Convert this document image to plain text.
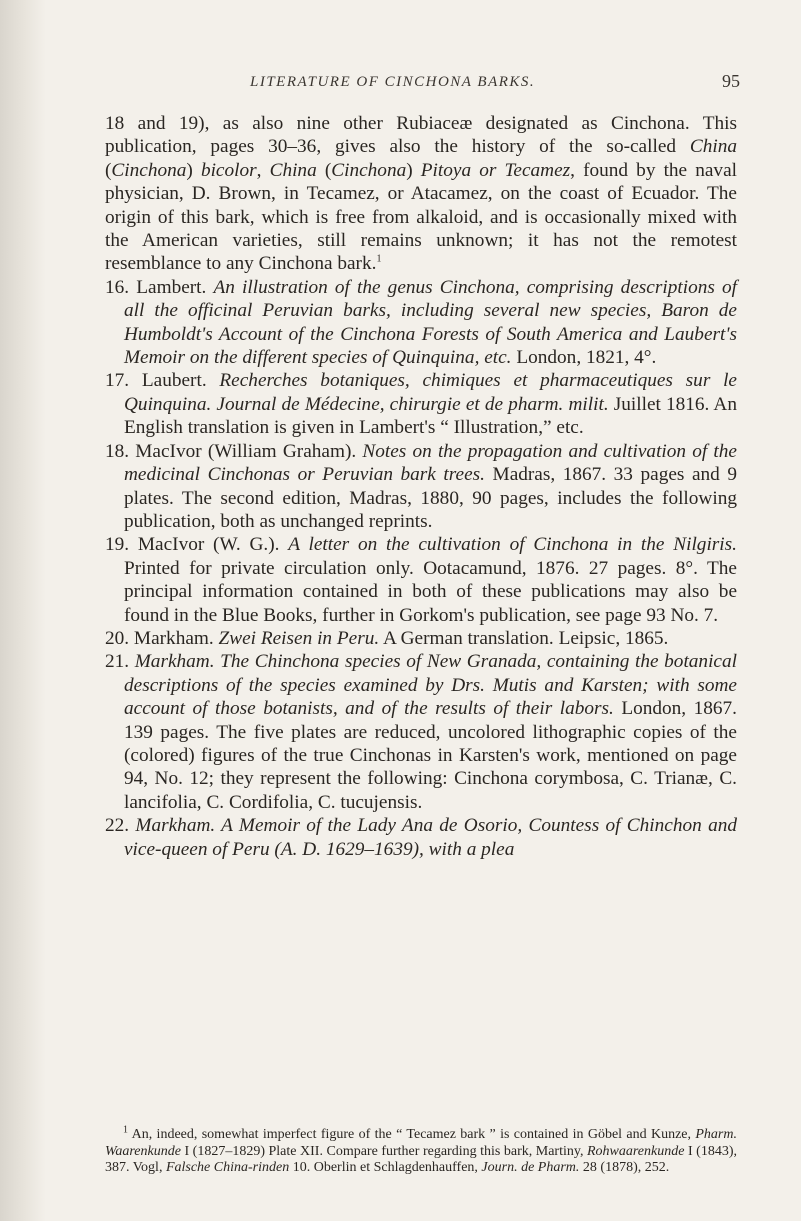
LITERATURE OF CINCHONA BARKS.	95

18 and 19), as also nine other Rubiaceæ designated as Cinchona. This publication, pages 30–36, gives also the history of the so-called China (Cinchona) bicolor, China (Cinchona) Pitoya or Tecamez, found by the naval physician, D. Brown, in Tecamez, or Atacamez, on the coast of Ecuador. The origin of this bark, which is free from alkaloid, and is occasionally mixed with the American varieties, still remains unknown; it has not the remotest resemblance to any Cinchona bark.$^1$

16. Lambert. An illustration of the genus Cinchona, comprising descriptions of all the officinal Peruvian barks, including several new species, Baron de Humboldt's Account of the Cinchona Forests of South America and Laubert's Memoir on the different species of Quinquina, etc. London, 1821, 4°.

17. Laubert. Recherches botaniques, chimiques et pharmaceutiques sur le Quinquina. Journal de Médecine, chirurgie et de pharm. milit. Juillet 1816. An English translation is given in Lambert's “ Illustration,” etc.

18. MacIvor (William Graham). Notes on the propagation and cultivation of the medicinal Cinchonas or Peruvian bark trees. Madras, 1867. 33 pages and 9 plates. The second edition, Madras, 1880, 90 pages, includes the following publication, both as unchanged reprints.

19. MacIvor (W. G.). A letter on the cultivation of Cinchona in the Nilgiris. Printed for private circulation only. Ootacamund, 1876. 27 pages. 8°. The principal information contained in both of these publications may also be found in the Blue Books, further in Gorkom's publication, see page 93 No. 7.

20. Markham. Zwei Reisen in Peru. A German translation. Leipsic, 1865.

21. Markham. The Chinchona species of New Granada, containing the botanical descriptions of the species examined by Drs. Mutis and Karsten; with some account of those botanists, and of the results of their labors. London, 1867. 139 pages. The five plates are reduced, uncolored lithographic copies of the (colored) figures of the true Cinchonas in Karsten's work, mentioned on page 94, No. 12; they represent the following: Cinchona corymbosa, C. Trianæ, C. lancifolia, C. Cordifolia, C. tucujensis.

22. Markham. A Memoir of the Lady Ana de Osorio, Countess of Chinchon and vice-queen of Peru (A. D. 1629–1639), with a plea

$^1$ An, indeed, somewhat imperfect figure of the “ Tecamez bark ” is contained in Göbel and Kunze, Pharm. Waarenkunde I (1827–1829) Plate XII. Compare further regarding this bark, Martiny, Rohwaarenkunde I (1843), 387. Vogl, Falsche China-rinden 10. Oberlin et Schlagdenhauffen, Journ. de Pharm. 28 (1878), 252.
